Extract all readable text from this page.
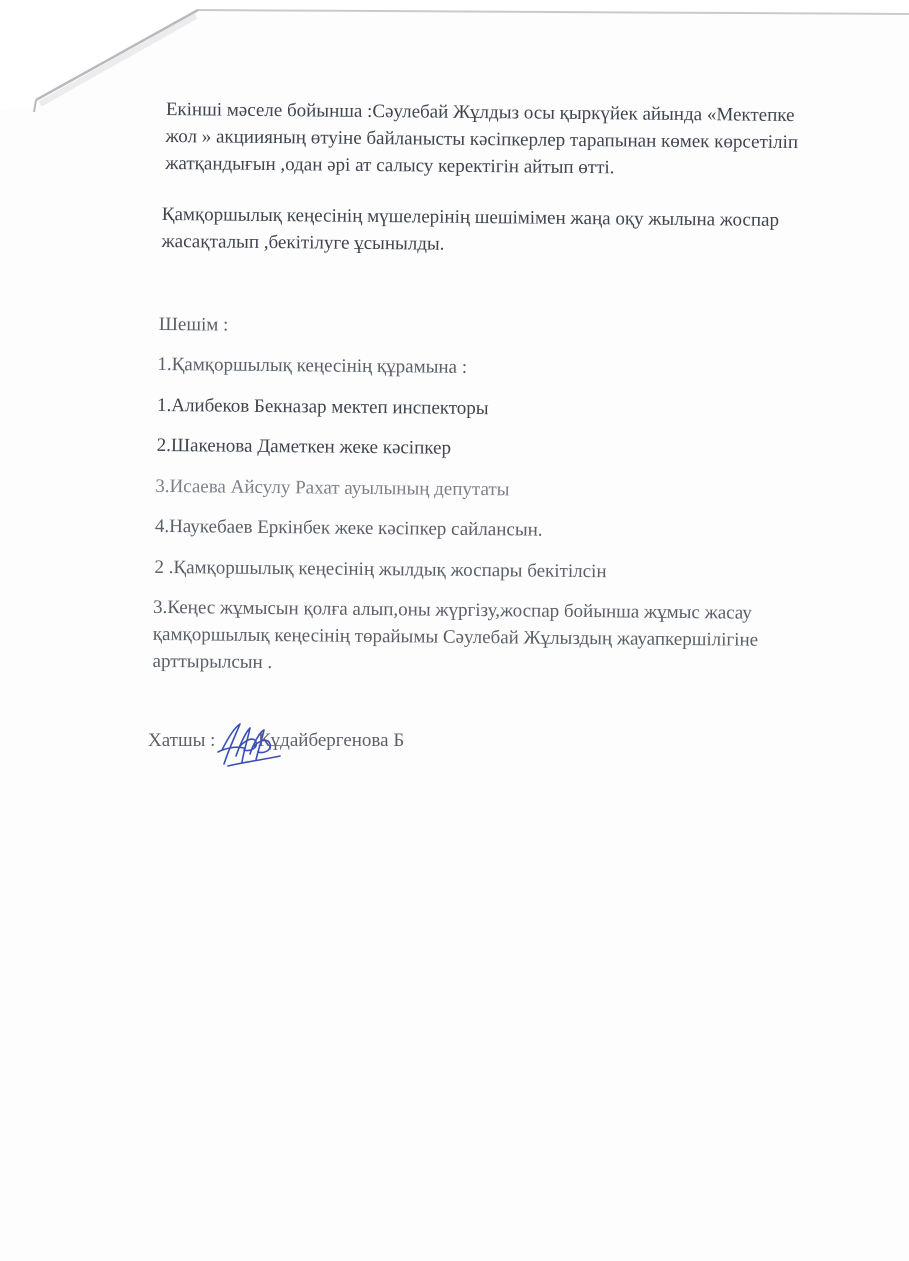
Екінші мәселе бойынша :Сәулебай Жұлдыз осы қыркүйек айында «Мектепке
жол » акциияның өтуіне байланысты кәсіпкерлер тарапынан көмек көрсетіліп
жатқандығын ,одан әрі ат салысу керектігін айтып өтті.
Қамқоршылық кеңесінің мүшелерінің шешімімен жаңа оқу жылына жоспар
жасақталып ,бекітілуге ұсынылды.
Шешім :
1.Қамқоршылық кеңесінің құрамына :
1.Алибеков Бекназар мектеп инспекторы
2.Шакенова Даметкен жеке кәсіпкер
3.Исаева Айсулу Рахат ауылының депутаты
4.Наукебаев Еркінбек жеке кәсіпкер сайлансын.
2 .Қамқоршылық кеңесінің жылдық жоспары бекітілсін
3.Кеңес жұмысын қолға алып,оны жүргізу,жоспар бойынша жұмыс жасау
қамқоршылық кеңесінің төрайымы Сәулебай Жұлыздың жауапкершілігіне
арттырылсын .
Хатшы : Құдайбергенова Б
